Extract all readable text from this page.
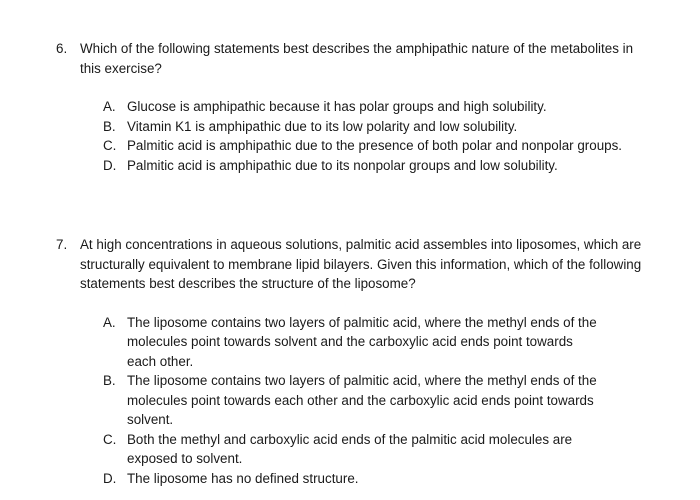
6. Which of the following statements best describes the amphipathic nature of the metabolites in this exercise?
A. Glucose is amphipathic because it has polar groups and high solubility.
B. Vitamin K1 is amphipathic due to its low polarity and low solubility.
C. Palmitic acid is amphipathic due to the presence of both polar and nonpolar groups.
D. Palmitic acid is amphipathic due to its nonpolar groups and low solubility.
7. At high concentrations in aqueous solutions, palmitic acid assembles into liposomes, which are structurally equivalent to membrane lipid bilayers. Given this information, which of the following statements best describes the structure of the liposome?
A. The liposome contains two layers of palmitic acid, where the methyl ends of the molecules point towards solvent and the carboxylic acid ends point towards each other.
B. The liposome contains two layers of palmitic acid, where the methyl ends of the molecules point towards each other and the carboxylic acid ends point towards solvent.
C. Both the methyl and carboxylic acid ends of the palmitic acid molecules are exposed to solvent.
D. The liposome has no defined structure.
